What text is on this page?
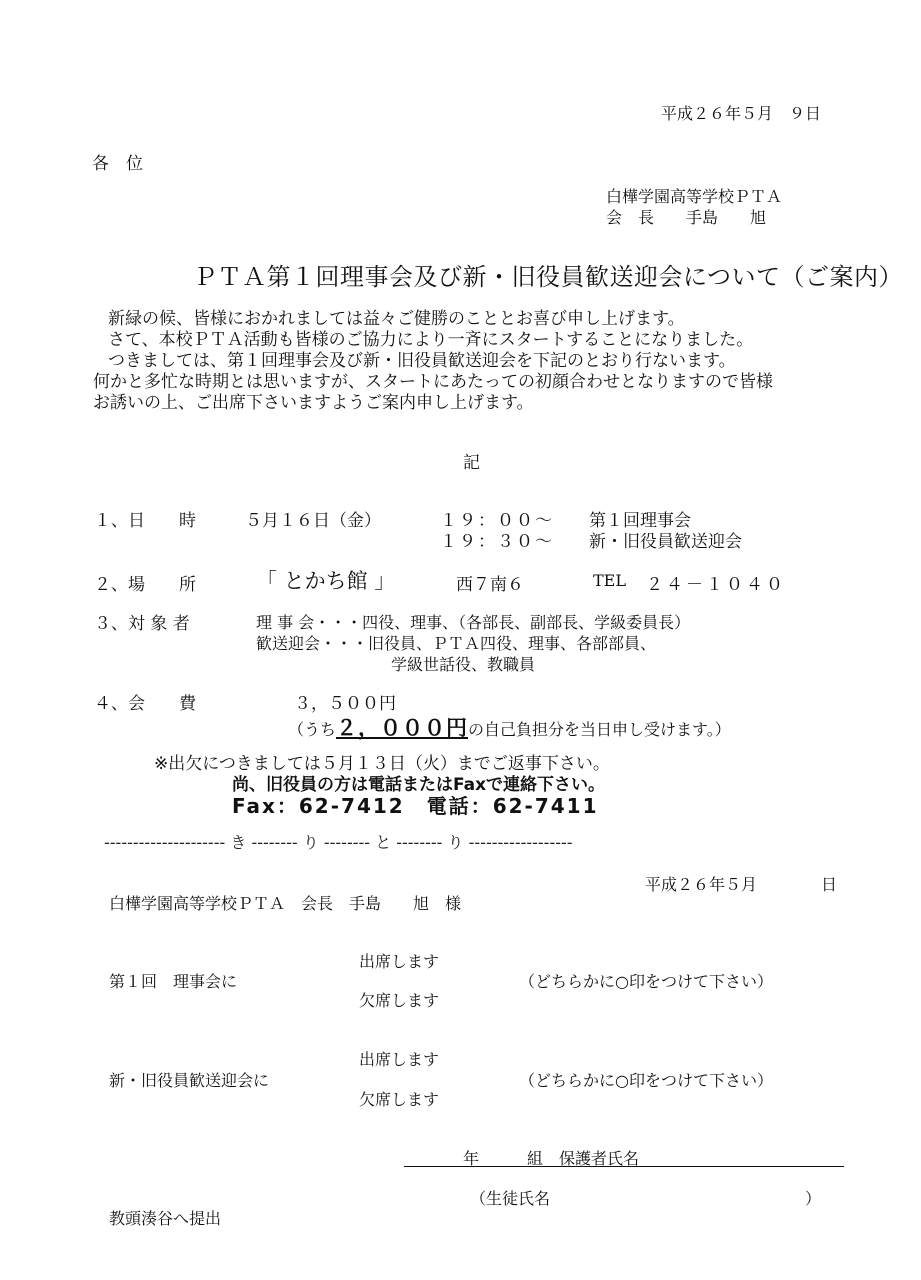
平成２６年５月　９日
各　位
白樺学園高等学校ＰＴＡ
会　長　　手島　　旭
ＰＴＡ第１回理事会及び新・旧役員歓送迎会について（ご案内）
新緑の候、皆様におかれましては益々ご健勝のこととお喜び申し上げます。
さて、本校ＰＴＡ活動も皆様のご協力により一斉にスタートすることになりました。
つきましては、第１回理事会及び新・旧役員歓送迎会を下記のとおり行ないます。
何かと多忙な時期とは思いますが、スタートにあたっての初顔合わせとなりますので皆様
お誘いの上、ご出席下さいますようご案内申し上げます。
記
１、日　　時	５月１６日（金）	１９：００～ 第１回理事会
１９：３０～ 新・旧役員歓送迎会
２、場　　所	「 とかち館 」	西７南６	TEL ２４－１０４０
３、対 象 者	理 事 会・・・四役、理事、（各部長、副部長、学級委員長）
歓送迎会・・・旧役員、ＰＴＡ四役、理事、各部部員、
学級世話役、教職員
４、会　　費	３，５００円
（うち２，０００円の自己負担分を当日申し受けます。）
※出欠につきましては５月１３日（火）までご返事下さい。
尚、旧役員の方は電話またはFaxで連絡下さい。
Fax：62-7412 電話：62-7411
--------------------- き -------- り -------- と -------- り ------------------
平成２６年５月　　　　日
白樺学園高等学校ＰＴＡ　会長　手島　　旭　様
第１回　理事会に
出席します
欠席します
（どちらかに○印をつけて下さい）
新・旧役員歓送迎会に
出席します
欠席します
（どちらかに○印をつけて下さい）
年　　　組　保護者氏名
（生徒氏名	）
教頭湊谷へ提出
